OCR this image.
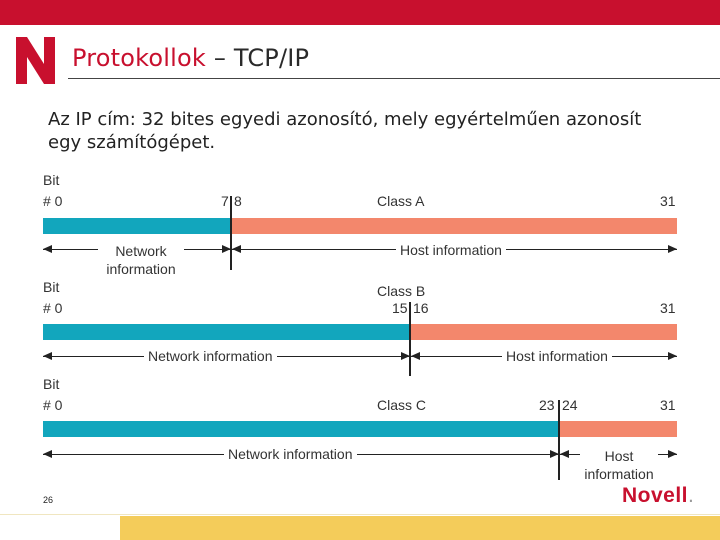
Protokollok – TCP/IP
Az IP cím: 32 bites egyedi azonosító, mely egyértelműen azonosít egy számítógépet.
Bit
# 0	7 8	Class A	31
Network information
Host information
Bit
# 0
Class B
15 16	31
Network information	Host information
Bit
# 0	Class C	23 24	31
Network information	Host information
26	Novell.
